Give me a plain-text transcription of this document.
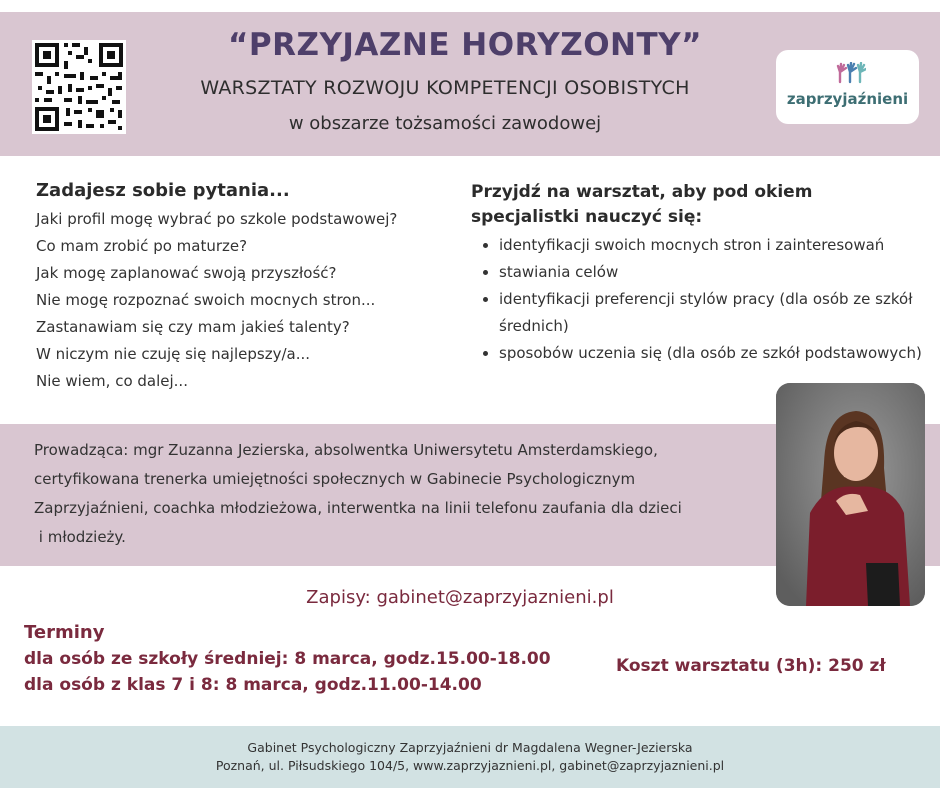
“PRZYJAZNE HORYZONTY”
WARSZTATY ROZWOJU KOMPETENCJI OSOBISTYCH
w obszarze tożsamości zawodowej
zaprzyjaźnieni
Zadajesz sobie pytania...
Jaki profil mogę wybrać po szkole podstawowej?
Co mam zrobić po maturze?
Jak mogę zaplanować swoją przyszłość?
Nie mogę rozpoznać swoich mocnych stron...
Zastanawiam się czy mam jakieś talenty?
W niczym nie czuję się najlepszy/a...
Nie wiem, co dalej...
Przyjdź na warsztat, aby pod okiem
specjalistki nauczyć się:
• identyfikacji swoich mocnych stron i zainteresowań
• stawiania celów
• identyfikacji preferencji stylów pracy (dla osób ze szkół średnich)
• sposobów uczenia się (dla osób ze szkół podstawowych)
Prowadząca: mgr Zuzanna Jezierska, absolwentka Uniwersytetu Amsterdamskiego,
certyfikowana trenerka umiejętności społecznych w Gabinecie Psychologicznym
Zaprzyjaźnieni, coachka młodzieżowa, interwentka na linii telefonu zaufania dla dzieci
i młodzieży.
Zapisy: gabinet@zaprzyjaznieni.pl
Terminy
dla osób ze szkoły średniej: 8 marca, godz.15.00-18.00
dla osób z klas 7 i 8: 8 marca, godz.11.00-14.00
Koszt warsztatu (3h): 250 zł
Gabinet Psychologiczny Zaprzyjaźnieni dr Magdalena Wegner-Jezierska
Poznań, ul. Piłsudskiego 104/5, www.zaprzyjaznieni.pl, gabinet@zaprzyjaznieni.pl
